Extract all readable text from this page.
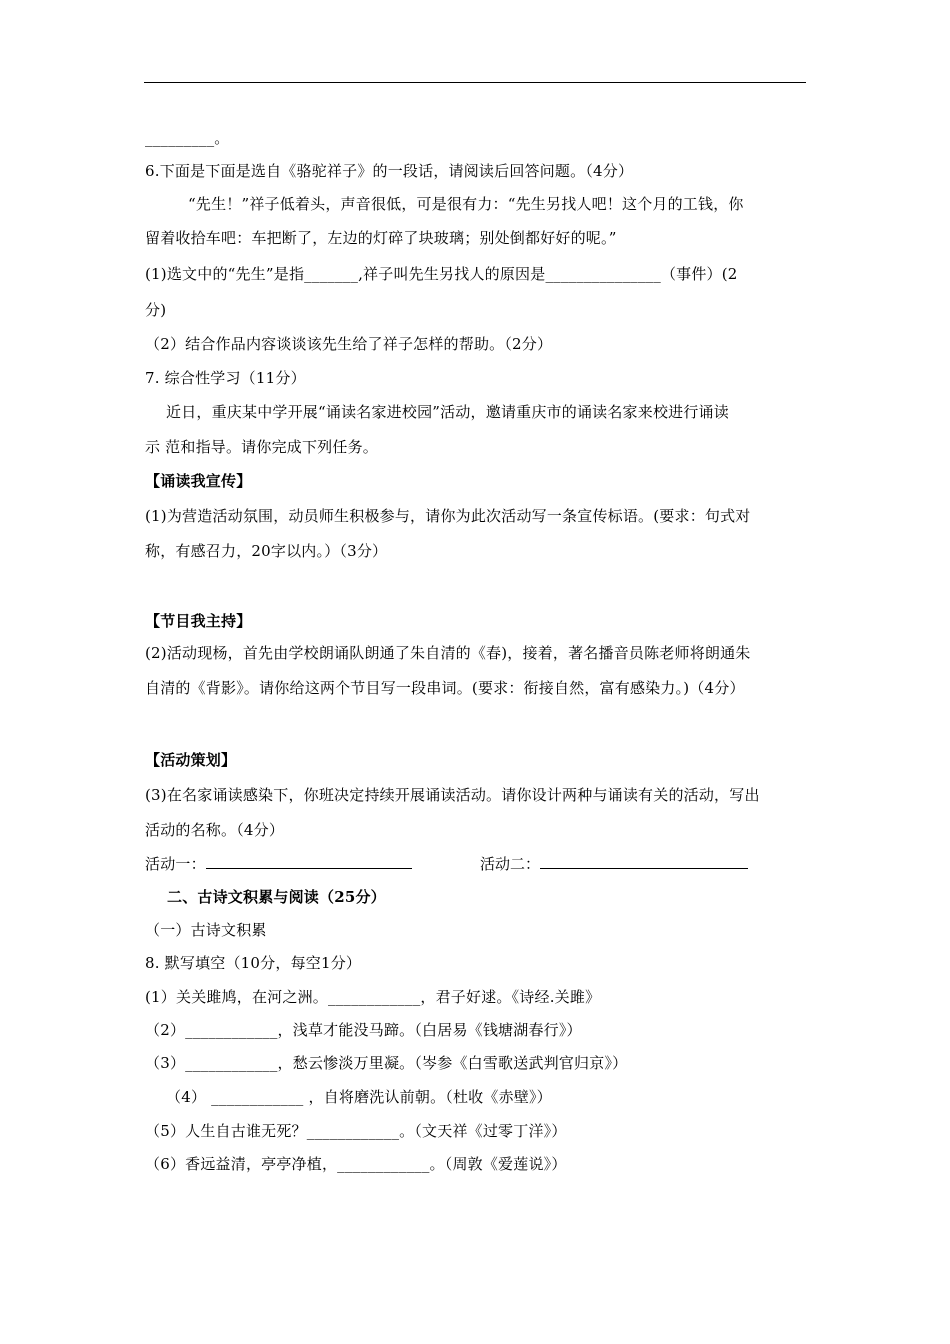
_________。
6.下面是下面是选自《骆驼祥子》的一段话，请阅读后回答问题。（4分）
“先生！”祥子低着头，声音很低，可是很有力：“先生另找人吧！这个月的工钱，你
留着收拾车吧：车把断了，左边的灯碎了块玻璃；别处倒都好好的呢。”
(1)选文中的“先生”是指_______,祥子叫先生另找人的原因是_______________（事件）(2
分)
（2）结合作品内容谈谈该先生给了祥子怎样的帮助。（2分）
7. 综合性学习（11分）
近日，重庆某中学开展“诵读名家进校园”活动，邀请重庆市的诵读名家来校进行诵读
示 范和指导。请你完成下列任务。
【诵读我宣传】
(1)为营造活动氛围，动员师生积极参与，请你为此次活动写一条宣传标语。(要求：句式对
称，有感召力，20字以内。）（3分）
【节目我主持】
(2)活动现杨，首先由学校朗诵队朗通了朱自清的《春)，接着，著名播音员陈老师将朗通朱
自清的《背影》。请你给这两个节目写一段串词。(要求：衔接自然，富有感染力。)（4分）
【活动策划】
(3)在名家诵读感染下，你班决定持续开展诵读活动。请你设计两种与诵读有关的活动，写出
活动的名称。（4分）
活动一：	活动二：
二、古诗文积累与阅读（25分）
（一）古诗文积累
8. 默写填空（10分，每空1分）
(1）关关雎鸠，在河之洲。____________，君子好逑。《诗经.关雎》
（2）____________，浅草才能没马蹄。（白居易《钱塘湖春行》）
（3）____________，愁云惨淡万里凝。（岑参《白雪歌送武判官归京》）
（4） ____________ ，自将磨洗认前朝。（杜收《赤壁》）
（5）人生自古谁无死？____________。（文天祥《过零丁洋》）
（6）香远益清，亭亭净植，____________。（周敦《爱莲说》）
